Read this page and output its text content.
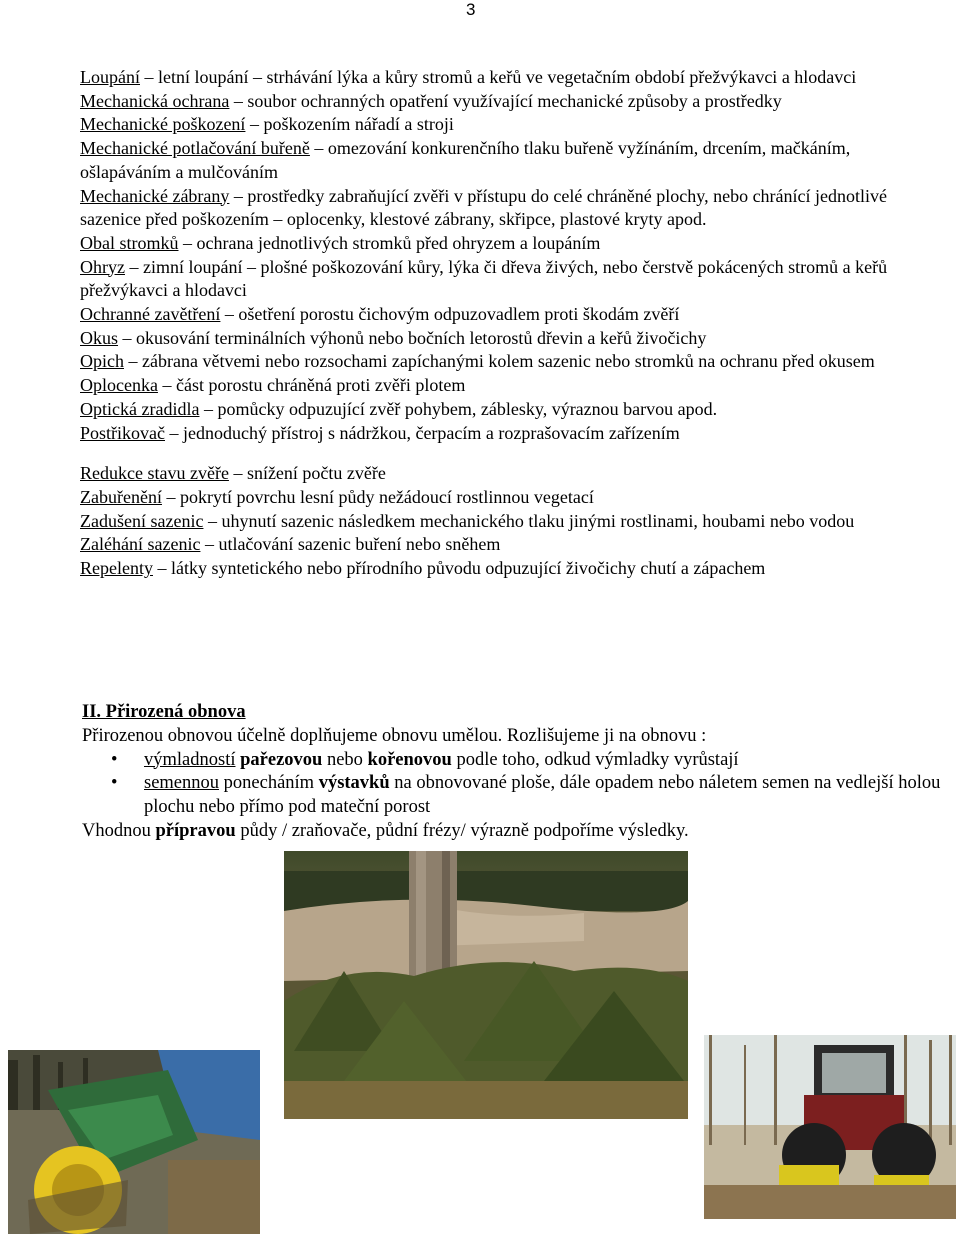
3

Loupání – letní loupání – strhávání lýka a kůry stromů a keřů ve vegetačním období přežvýkavci a hlodavci

Mechanická ochrana – soubor ochranných opatření využívající mechanické způsoby a prostředky

Mechanické poškození – poškozením nářadí a stroji

Mechanické potlačování buřeně – omezování konkurenčního tlaku buřeně vyžínáním, drcením, mačkáním, ošlapáváním a mulčováním

Mechanické zábrany – prostředky zabraňující zvěři v přístupu do celé chráněné plochy, nebo chránící jednotlivé sazenice před poškozením – oplocenky, klestové zábrany, skřipce, plastové kryty apod.

Obal stromků – ochrana jednotlivých stromků před ohryzem a loupáním

Ohryz – zimní loupání – plošné poškozování kůry, lýka či dřeva živých, nebo čerstvě pokácených stromů a keřů přežvýkavci a hlodavci

Ochranné zavětření – ošetření porostu čichovým odpuzovadlem proti škodám zvěří

Okus – okusování terminálních výhonů nebo bočních letorostů dřevin a keřů živočichy

Opich – zábrana větvemi nebo rozsochami zapíchanými kolem sazenic nebo stromků na ochranu před okusem

Oplocenka – část porostu chráněná proti zvěři plotem

Optická zradidla – pomůcky odpuzující zvěř pohybem, záblesky, výraznou barvou apod.

Postřikovač – jednoduchý přístroj s nádržkou, čerpacím a rozprašovacím zařízením

Redukce stavu zvěře – snížení počtu zvěře

Zabuřenění – pokrytí povrchu lesní půdy nežádoucí rostlinnou vegetací

Zadušení sazenic – uhynutí sazenic následkem mechanického tlaku jinými rostlinami, houbami nebo vodou

Zaléhání sazenic – utlačování sazenic buření nebo sněhem

Repelenty – látky syntetického nebo přírodního původu odpuzující živočichy chutí a zápachem

II. Přirozená obnova

Přirozenou obnovou účelně doplňujeme obnovu umělou. Rozlišujeme ji na obnovu :

• výmladností pařezovou nebo kořenovou podle toho, odkud výmladky vyrůstají
• semennou ponecháním výstavků na obnovované ploše, dále opadem nebo náletem semen na vedlejší holou plochu nebo přímo pod mateční porost

Vhodnou přípravou půdy / zraňovače, půdní frézy/ výrazně podpoříme výsledky.
